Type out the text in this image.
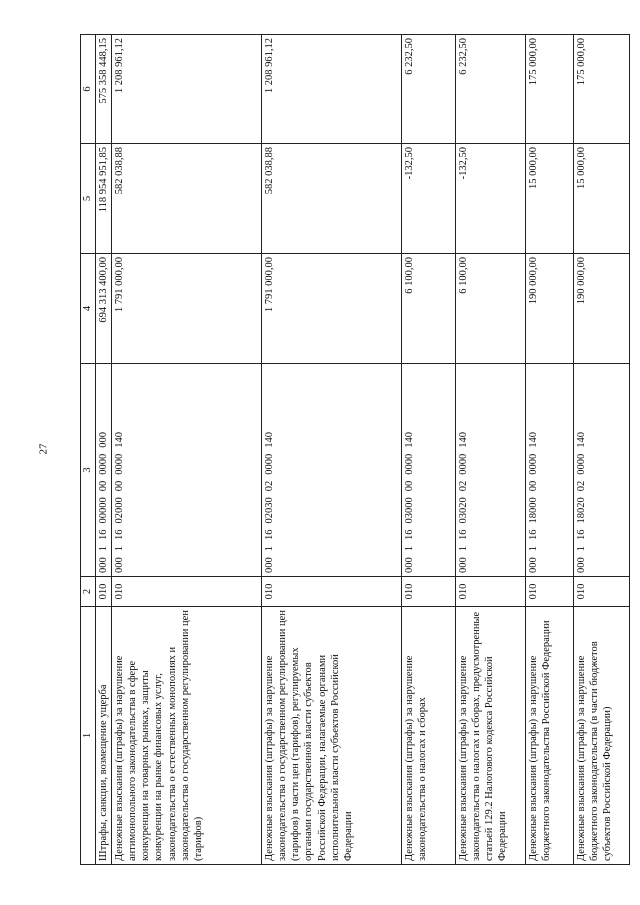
27
1	2	3	4	5	6
Штрафы, санкции, возмещение ущерба	010	00011600000000000000	694 313 400,00	118 954 951,85	575 358 448,15
Денежные взыскания (штрафы) за нарушение антимонопольного законодательства в сфере конкуренции на товарных рынках, защиты конкуренции на рынке финансовых услуг, законодательства о естественных монополиях и законодательства о государственном регулировании цен (тарифов)	010	00011602000000000140	1 791 000,00	582 038,88	1 208 961,12
Денежные взыскания (штрафы) за нарушение законодательства о государственном регулировании цен (тарифов) в части цен (тарифов), регулируемых органами государственной власти субъектов Российской Федерации, налагаемые органами исполнительной власти субъектов Российской Федерации	010	00011602030020000140	1 791 000,00	582 038,88	1 208 961,12
Денежные взыскания (штрафы) за нарушение законодательства о налогах и сборах	010	00011603000000000140	6 100,00	-132,50	6 232,50
Денежные взыскания (штрафы) за нарушение законодательства о налогах и сборах, предусмотренные статьей 129.2 Налогового кодекса Российской Федерации	010	00011603020020000140	6 100,00	-132,50	6 232,50
Денежные взыскания (штрафы) за нарушение бюджетного законодательства Российской Федерации	010	00011618000000000140	190 000,00	15 000,00	175 000,00
Денежные взыскания (штрафы) за нарушение бюджетного законодательства (в части бюджетов субъектов Российской Федерации)	010	00011618020020000140	190 000,00	15 000,00	175 000,00
